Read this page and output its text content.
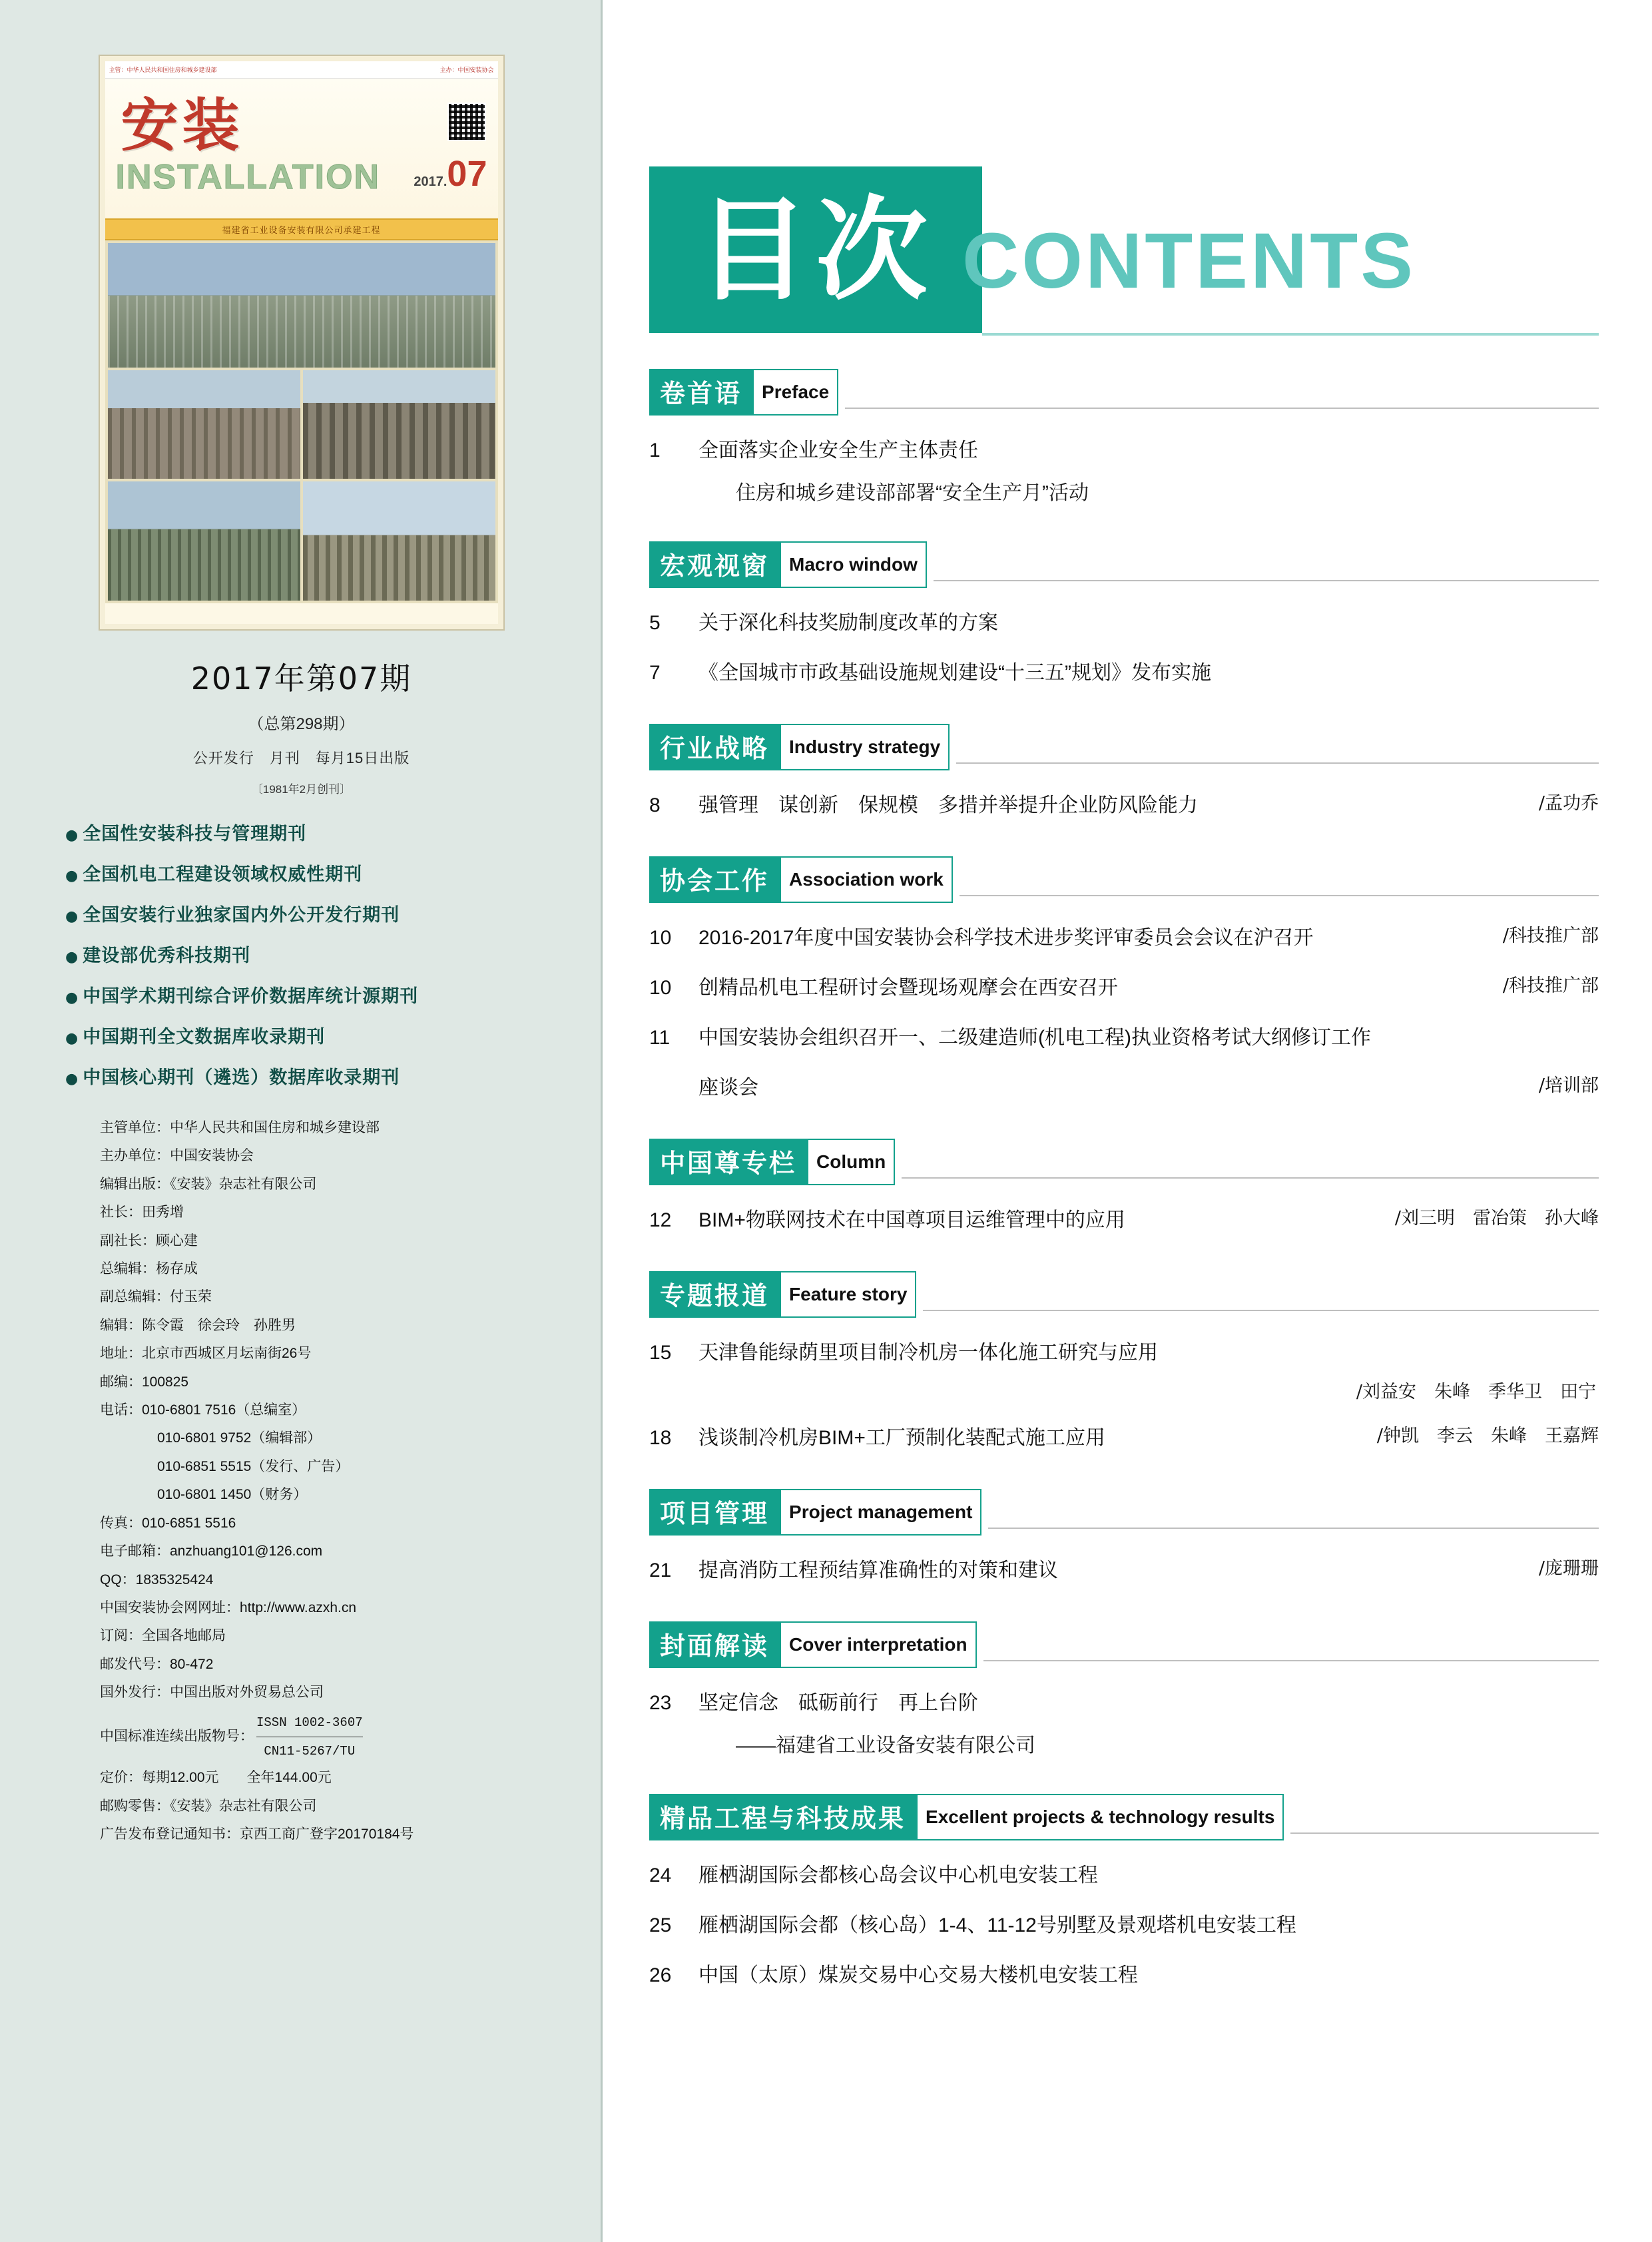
主管：中华人民共和国住房和城乡建设部	主办：中国安装协会
安装
INSTALLATION	2017.07
福建省工业设备安装有限公司承建工程
2017年第07期
（总第298期）
公开发行　月刊　每月15日出版
〔1981年2月创刊〕
● 全国性安装科技与管理期刊
● 全国机电工程建设领域权威性期刊
● 全国安装行业独家国内外公开发行期刊
● 建设部优秀科技期刊
● 中国学术期刊综合评价数据库统计源期刊
● 中国期刊全文数据库收录期刊
● 中国核心期刊（遴选）数据库收录期刊
主管单位：中华人民共和国住房和城乡建设部
主办单位：中国安装协会
编辑出版：《安装》杂志社有限公司
社长：田秀增
副社长：顾心建
总编辑：杨存成
副总编辑：付玉荣
编辑：陈令霞　徐会玲　孙胜男
地址：北京市西城区月坛南街26号
邮编：100825
电话：010-6801 7516（总编室）
010-6801 9752（编辑部）
010-6851 5515（发行、广告）
010-6801 1450（财务）
传真：010-6851 5516
电子邮箱：anzhuang101@126.com
QQ：1835325424
中国安装协会网网址：http://www.azxh.cn
订阅：全国各地邮局
邮发代号：80-472
国外发行：中国出版对外贸易总公司
中国标准连续出版物号：
ISSN 1002-3607
CN11-5267/TU
定价：每期12.00元　　全年144.00元
邮购零售：《安装》杂志社有限公司
广告发布登记通知书：京西工商广登字20170184号
目次 CONTENTS
卷首语	Preface
1	全面落实企业安全生产主体责任
住房和城乡建设部部署“安全生产月”活动
宏观视窗	Macro window
5	关于深化科技奖励制度改革的方案
7	《全国城市市政基础设施规划建设“十三五”规划》发布实施
行业战略	Industry strategy
8	强管理　谋创新　保规模　多措并举提升企业防风险能力	/孟功乔
协会工作	Association work
10	2016-2017年度中国安装协会科学技术进步奖评审委员会会议在沪召开	/科技推广部
10	创精品机电工程研讨会暨现场观摩会在西安召开	/科技推广部
11	中国安装协会组织召开一、二级建造师(机电工程)执业资格考试大纲修订工作
座谈会	/培训部
中国尊专栏	Column
12	BIM+物联网技术在中国尊项目运维管理中的应用	/刘三明　雷冶策　孙大峰
专题报道	Feature story
15	天津鲁能绿荫里项目制冷机房一体化施工研究与应用
/刘益安　朱峰　季华卫　田宁
18	浅谈制冷机房BIM+工厂预制化装配式施工应用	/钟凯　李云　朱峰　王嘉辉
项目管理	Project management
21	提高消防工程预结算准确性的对策和建议	/庞珊珊
封面解读	Cover interpretation
23	坚定信念　砥砺前行　再上台阶
——福建省工业设备安装有限公司
精品工程与科技成果	Excellent projects & technology results
24	雁栖湖国际会都核心岛会议中心机电安装工程
25	雁栖湖国际会都（核心岛）1-4、11-12号别墅及景观塔机电安装工程
26	中国（太原）煤炭交易中心交易大楼机电安装工程
